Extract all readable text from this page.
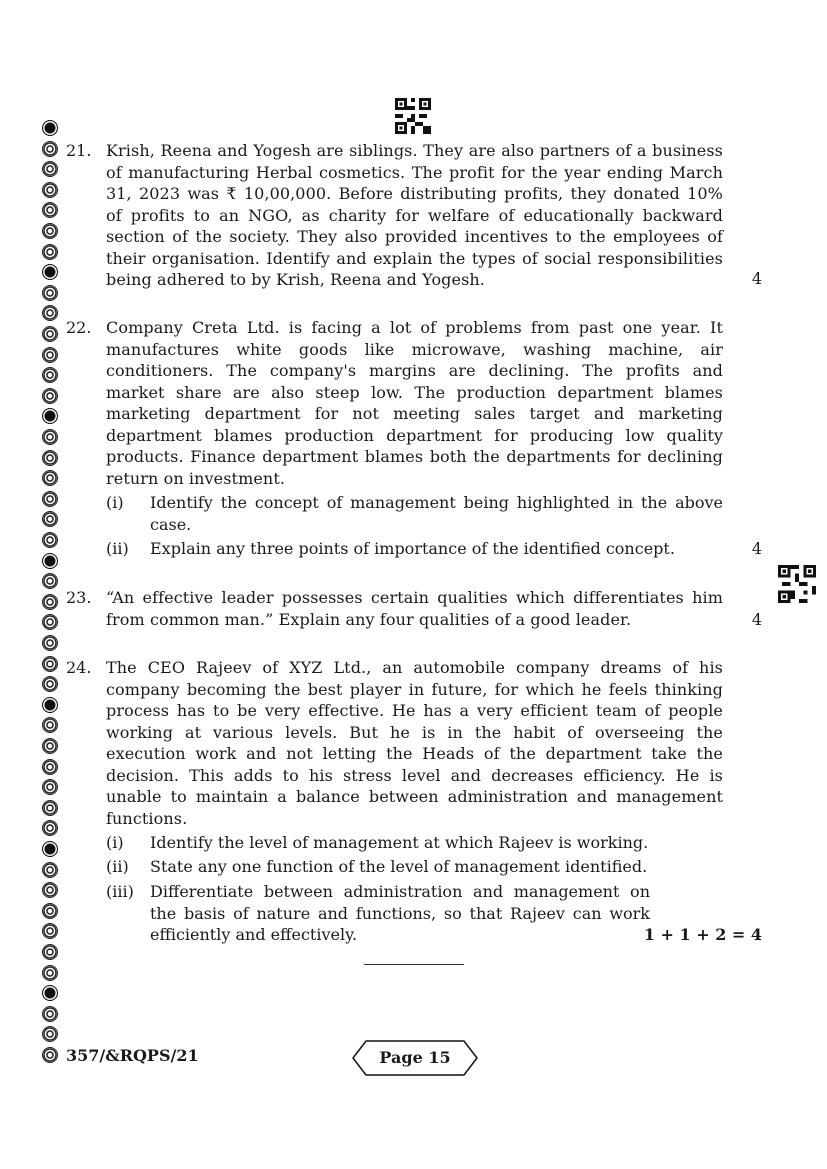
21. Krish, Reena and Yogesh are siblings. They are also partners of a business of manufacturing Herbal cosmetics. The profit for the year ending March 31, 2023 was ₹ 10,00,000. Before distributing profits, they donated 10% of profits to an NGO, as charity for welfare of educationally backward section of the society. They also provided incentives to the employees of their organisation. Identify and explain the types of social responsibilities being adhered to by Krish, Reena and Yogesh.	4
22. Company Creta Ltd. is facing a lot of problems from past one year. It manufactures white goods like microwave, washing machine, air conditioners. The company's margins are declining. The profits and market share are also steep low. The production department blames marketing department for not meeting sales target and marketing department blames production department for producing low quality products. Finance department blames both the departments for declining return on investment.
(i) Identify the concept of management being highlighted in the above case.
(ii) Explain any three points of importance of the identified concept.	4
23. “An effective leader possesses certain qualities which differentiates him from common man.” Explain any four qualities of a good leader.	4
24. The CEO Rajeev of XYZ Ltd., an automobile company dreams of his company becoming the best player in future, for which he feels thinking process has to be very effective. He has a very efficient team of people working at various levels. But he is in the habit of overseeing the execution work and not letting the Heads of the department take the decision. This adds to his stress level and decreases efficiency. He is unable to maintain a balance between administration and management functions.
(i) Identify the level of management at which Rajeev is working.
(ii) State any one function of the level of management identified.
(iii) Differentiate between administration and management on the basis of nature and functions, so that Rajeev can work efficiently and effectively.	1 + 1 + 2 = 4
357/&RQPS/21	Page 15
